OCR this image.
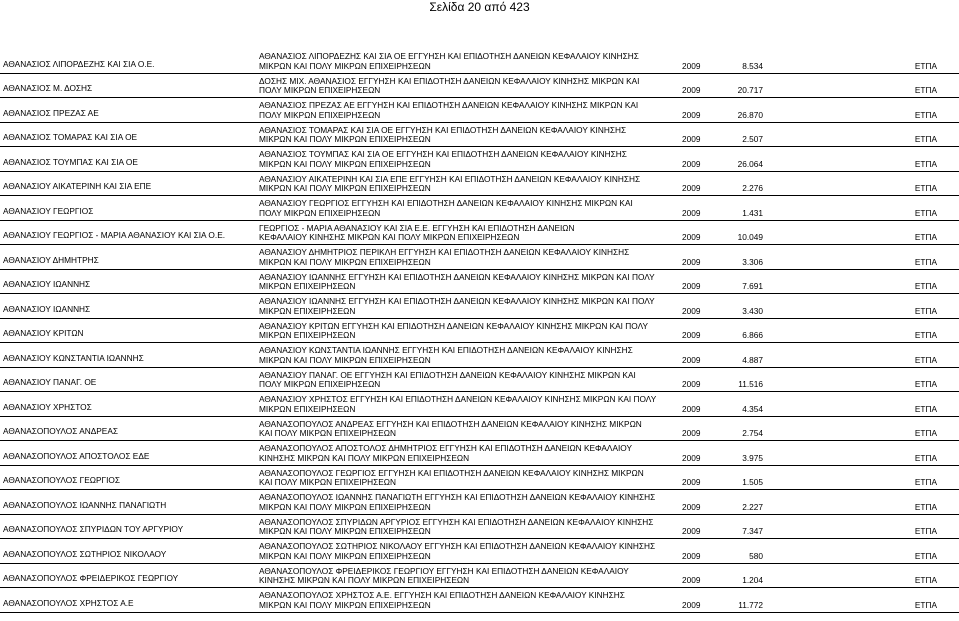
Σελίδα 20 από 423
ΑΘΑΝΑΣΙΟΣ ΛΙΠΟΡΔΕΖΗΣ ΚΑΙ ΣΙΑ Ο.Ε.
ΑΘΑΝΑΣΙΟΣ ΛΙΠΟΡΔΕΖΗΣ ΚΑΙ ΣΙΑ ΟΕ ΕΓΓΥΗΣΗ ΚΑΙ ΕΠΙΔΟΤΗΣΗ ΔΑΝΕΙΩΝ ΚΕΦΑΛΑΙΟΥ ΚΙΝΗΣΗΣ
ΜΙΚΡΩΝ ΚΑΙ ΠΟΛΥ ΜΙΚΡΩΝ ΕΠΙΧΕΙΡΗΣΕΩΝ	2009	8.534	ΕΤΠΑ
ΑΘΑΝΑΣΙΟΣ Μ. ΔΟΣΗΣ
ΔΟΣΗΣ ΜΙΧ. ΑΘΑΝΑΣΙΟΣ ΕΓΓΥΗΣΗ ΚΑΙ ΕΠΙΔΟΤΗΣΗ ΔΑΝΕΙΩΝ ΚΕΦΑΛΑΙΟΥ ΚΙΝΗΣΗΣ ΜΙΚΡΩΝ ΚΑΙ
ΠΟΛΥ ΜΙΚΡΩΝ ΕΠΙΧΕΙΡΗΣΕΩΝ	2009	20.717	ΕΤΠΑ
ΑΘΑΝΑΣΙΟΣ ΠΡΕΖΑΣ ΑΕ
ΑΘΑΝΑΣΙΟΣ ΠΡΕΖΑΣ ΑΕ ΕΓΓΥΗΣΗ ΚΑΙ ΕΠΙΔΟΤΗΣΗ ΔΑΝΕΙΩΝ ΚΕΦΑΛΑΙΟΥ ΚΙΝΗΣΗΣ ΜΙΚΡΩΝ ΚΑΙ
ΠΟΛΥ ΜΙΚΡΩΝ ΕΠΙΧΕΙΡΗΣΕΩΝ	2009	26.870	ΕΤΠΑ
ΑΘΑΝΑΣΙΟΣ ΤΟΜΑΡΑΣ ΚΑΙ ΣΙΑ ΟΕ
ΑΘΑΝΑΣΙΟΣ ΤΟΜΑΡΑΣ ΚΑΙ ΣΙΑ ΟΕ ΕΓΓΥΗΣΗ ΚΑΙ ΕΠΙΔΟΤΗΣΗ ΔΑΝΕΙΩΝ ΚΕΦΑΛΑΙΟΥ ΚΙΝΗΣΗΣ
ΜΙΚΡΩΝ ΚΑΙ ΠΟΛΥ ΜΙΚΡΩΝ ΕΠΙΧΕΙΡΗΣΕΩΝ	2009	2.507	ΕΤΠΑ
ΑΘΑΝΑΣΙΟΣ ΤΟΥΜΠΑΣ ΚΑΙ ΣΙΑ ΟΕ
ΑΘΑΝΑΣΙΟΣ ΤΟΥΜΠΑΣ ΚΑΙ ΣΙΑ ΟΕ ΕΓΓΥΗΣΗ ΚΑΙ ΕΠΙΔΟΤΗΣΗ ΔΑΝΕΙΩΝ ΚΕΦΑΛΑΙΟΥ ΚΙΝΗΣΗΣ
ΜΙΚΡΩΝ ΚΑΙ ΠΟΛΥ ΜΙΚΡΩΝ ΕΠΙΧΕΙΡΗΣΕΩΝ	2009	26.064	ΕΤΠΑ
ΑΘΑΝΑΣΙΟΥ ΑΙΚΑΤΕΡΙΝΗ ΚΑΙ ΣΙΑ ΕΠΕ
ΑΘΑΝΑΣΙΟΥ ΑΙΚΑΤΕΡΙΝΗ ΚΑΙ ΣΙΑ ΕΠΕ ΕΓΓΥΗΣΗ ΚΑΙ ΕΠΙΔΟΤΗΣΗ ΔΑΝΕΙΩΝ ΚΕΦΑΛΑΙΟΥ ΚΙΝΗΣΗΣ
ΜΙΚΡΩΝ ΚΑΙ ΠΟΛΥ ΜΙΚΡΩΝ ΕΠΙΧΕΙΡΗΣΕΩΝ	2009	2.276	ΕΤΠΑ
ΑΘΑΝΑΣΙΟΥ ΓΕΩΡΓΙΟΣ
ΑΘΑΝΑΣΙΟΥ ΓΕΩΡΓΙΟΣ ΕΓΓΥΗΣΗ ΚΑΙ ΕΠΙΔΟΤΗΣΗ ΔΑΝΕΙΩΝ ΚΕΦΑΛΑΙΟΥ ΚΙΝΗΣΗΣ ΜΙΚΡΩΝ ΚΑΙ
ΠΟΛΥ ΜΙΚΡΩΝ ΕΠΙΧΕΙΡΗΣΕΩΝ	2009	1.431	ΕΤΠΑ
ΑΘΑΝΑΣΙΟΥ ΓΕΩΡΓΙΟΣ - ΜΑΡΙΑ ΑΘΑΝΑΣΙΟΥ ΚΑΙ ΣΙΑ Ο.Ε.
ΓΕΩΡΓΙΟΣ - ΜΑΡΙΑ ΑΘΑΝΑΣΙΟΥ ΚΑΙ ΣΙΑ Ε.Ε. ΕΓΓΥΗΣΗ ΚΑΙ ΕΠΙΔΟΤΗΣΗ ΔΑΝΕΙΩΝ
ΚΕΦΑΛΑΙΟΥ ΚΙΝΗΣΗΣ ΜΙΚΡΩΝ ΚΑΙ ΠΟΛΥ ΜΙΚΡΩΝ ΕΠΙΧΕΙΡΗΣΕΩΝ	2009	10.049	ΕΤΠΑ
ΑΘΑΝΑΣΙΟΥ ΔΗΜΗΤΡΗΣ
ΑΘΑΝΑΣΙΟΥ ΔΗΜΗΤΡΙΟΣ ΠΕΡΙΚΛΗ ΕΓΓΥΗΣΗ ΚΑΙ ΕΠΙΔΟΤΗΣΗ ΔΑΝΕΙΩΝ ΚΕΦΑΛΑΙΟΥ ΚΙΝΗΣΗΣ
ΜΙΚΡΩΝ ΚΑΙ ΠΟΛΥ ΜΙΚΡΩΝ ΕΠΙΧΕΙΡΗΣΕΩΝ	2009	3.306	ΕΤΠΑ
ΑΘΑΝΑΣΙΟΥ ΙΩΑΝΝΗΣ
ΑΘΑΝΑΣΙΟΥ ΙΩΑΝΝΗΣ ΕΓΓΥΗΣΗ ΚΑΙ ΕΠΙΔΟΤΗΣΗ ΔΑΝΕΙΩΝ ΚΕΦΑΛΑΙΟΥ ΚΙΝΗΣΗΣ ΜΙΚΡΩΝ ΚΑΙ ΠΟΛΥ
ΜΙΚΡΩΝ ΕΠΙΧΕΙΡΗΣΕΩΝ	2009	7.691	ΕΤΠΑ
ΑΘΑΝΑΣΙΟΥ ΙΩΑΝΝΗΣ
ΑΘΑΝΑΣΙΟΥ ΙΩΑΝΝΗΣ ΕΓΓΥΗΣΗ ΚΑΙ ΕΠΙΔΟΤΗΣΗ ΔΑΝΕΙΩΝ ΚΕΦΑΛΑΙΟΥ ΚΙΝΗΣΗΣ ΜΙΚΡΩΝ ΚΑΙ ΠΟΛΥ
ΜΙΚΡΩΝ ΕΠΙΧΕΙΡΗΣΕΩΝ	2009	3.430	ΕΤΠΑ
ΑΘΑΝΑΣΙΟΥ ΚΡΙΤΩΝ
ΑΘΑΝΑΣΙΟΥ ΚΡΙΤΩΝ ΕΓΓΥΗΣΗ ΚΑΙ ΕΠΙΔΟΤΗΣΗ ΔΑΝΕΙΩΝ ΚΕΦΑΛΑΙΟΥ ΚΙΝΗΣΗΣ ΜΙΚΡΩΝ ΚΑΙ ΠΟΛΥ
ΜΙΚΡΩΝ ΕΠΙΧΕΙΡΗΣΕΩΝ	2009	6.866	ΕΤΠΑ
ΑΘΑΝΑΣΙΟΥ ΚΩΝΣΤΑΝΤΙΑ ΙΩΑΝΝΗΣ
ΑΘΑΝΑΣΙΟΥ ΚΩΝΣΤΑΝΤΙΑ ΙΩΑΝΝΗΣ ΕΓΓΥΗΣΗ ΚΑΙ ΕΠΙΔΟΤΗΣΗ ΔΑΝΕΙΩΝ ΚΕΦΑΛΑΙΟΥ ΚΙΝΗΣΗΣ
ΜΙΚΡΩΝ ΚΑΙ ΠΟΛΥ ΜΙΚΡΩΝ ΕΠΙΧΕΙΡΗΣΕΩΝ	2009	4.887	ΕΤΠΑ
ΑΘΑΝΑΣΙΟΥ ΠΑΝΑΓ. ΟΕ
ΑΘΑΝΑΣΙΟΥ ΠΑΝΑΓ. ΟΕ ΕΓΓΥΗΣΗ ΚΑΙ ΕΠΙΔΟΤΗΣΗ ΔΑΝΕΙΩΝ ΚΕΦΑΛΑΙΟΥ ΚΙΝΗΣΗΣ ΜΙΚΡΩΝ ΚΑΙ
ΠΟΛΥ ΜΙΚΡΩΝ ΕΠΙΧΕΙΡΗΣΕΩΝ	2009	11.516	ΕΤΠΑ
ΑΘΑΝΑΣΙΟΥ ΧΡΗΣΤΟΣ
ΑΘΑΝΑΣΙΟΥ ΧΡΗΣΤΟΣ ΕΓΓΥΗΣΗ ΚΑΙ ΕΠΙΔΟΤΗΣΗ ΔΑΝΕΙΩΝ ΚΕΦΑΛΑΙΟΥ ΚΙΝΗΣΗΣ ΜΙΚΡΩΝ ΚΑΙ ΠΟΛΥ
ΜΙΚΡΩΝ ΕΠΙΧΕΙΡΗΣΕΩΝ	2009	4.354	ΕΤΠΑ
ΑΘΑΝΑΣΟΠΟΥΛΟΣ ΑΝΔΡΕΑΣ
ΑΘΑΝΑΣΟΠΟΥΛΟΣ ΑΝΔΡΕΑΣ ΕΓΓΥΗΣΗ ΚΑΙ ΕΠΙΔΟΤΗΣΗ ΔΑΝΕΙΩΝ ΚΕΦΑΛΑΙΟΥ ΚΙΝΗΣΗΣ ΜΙΚΡΩΝ
ΚΑΙ ΠΟΛΥ ΜΙΚΡΩΝ ΕΠΙΧΕΙΡΗΣΕΩΝ	2009	2.754	ΕΤΠΑ
ΑΘΑΝΑΣΟΠΟΥΛΟΣ ΑΠΟΣΤΟΛΟΣ ΕΔΕ
ΑΘΑΝΑΣΟΠΟΥΛΟΣ ΑΠΟΣΤΟΛΟΣ ΔΗΜΗΤΡΙΟΣ ΕΓΓΥΗΣΗ ΚΑΙ ΕΠΙΔΟΤΗΣΗ ΔΑΝΕΙΩΝ ΚΕΦΑΛΑΙΟΥ
ΚΙΝΗΣΗΣ ΜΙΚΡΩΝ ΚΑΙ ΠΟΛΥ ΜΙΚΡΩΝ ΕΠΙΧΕΙΡΗΣΕΩΝ	2009	3.975	ΕΤΠΑ
ΑΘΑΝΑΣΟΠΟΥΛΟΣ ΓΕΩΡΓΙΟΣ
ΑΘΑΝΑΣΟΠΟΥΛΟΣ ΓΕΩΡΓΙΟΣ ΕΓΓΥΗΣΗ ΚΑΙ ΕΠΙΔΟΤΗΣΗ ΔΑΝΕΙΩΝ ΚΕΦΑΛΑΙΟΥ ΚΙΝΗΣΗΣ ΜΙΚΡΩΝ
ΚΑΙ ΠΟΛΥ ΜΙΚΡΩΝ ΕΠΙΧΕΙΡΗΣΕΩΝ	2009	1.505	ΕΤΠΑ
ΑΘΑΝΑΣΟΠΟΥΛΟΣ ΙΩΑΝΝΗΣ ΠΑΝΑΓΙΩΤΗ
ΑΘΑΝΑΣΟΠΟΥΛΟΣ ΙΩΑΝΝΗΣ ΠΑΝΑΓΙΩΤΗ ΕΓΓΥΗΣΗ ΚΑΙ ΕΠΙΔΟΤΗΣΗ ΔΑΝΕΙΩΝ ΚΕΦΑΛΑΙΟΥ ΚΙΝΗΣΗΣ
ΜΙΚΡΩΝ ΚΑΙ ΠΟΛΥ ΜΙΚΡΩΝ ΕΠΙΧΕΙΡΗΣΕΩΝ	2009	2.227	ΕΤΠΑ
ΑΘΑΝΑΣΟΠΟΥΛΟΣ ΣΠΥΡΙΔΩΝ ΤΟΥ ΑΡΓΥΡΙΟΥ
ΑΘΑΝΑΣΟΠΟΥΛΟΣ ΣΠΥΡΙΔΩΝ ΑΡΓΥΡΙΟΣ ΕΓΓΥΗΣΗ ΚΑΙ ΕΠΙΔΟΤΗΣΗ ΔΑΝΕΙΩΝ ΚΕΦΑΛΑΙΟΥ ΚΙΝΗΣΗΣ
ΜΙΚΡΩΝ ΚΑΙ ΠΟΛΥ ΜΙΚΡΩΝ ΕΠΙΧΕΙΡΗΣΕΩΝ	2009	7.347	ΕΤΠΑ
ΑΘΑΝΑΣΟΠΟΥΛΟΣ ΣΩΤΗΡΙΟΣ ΝΙΚΟΛΑΟΥ
ΑΘΑΝΑΣΟΠΟΥΛΟΣ ΣΩΤΗΡΙΟΣ ΝΙΚΟΛΑΟΥ ΕΓΓΥΗΣΗ ΚΑΙ ΕΠΙΔΟΤΗΣΗ ΔΑΝΕΙΩΝ ΚΕΦΑΛΑΙΟΥ ΚΙΝΗΣΗΣ
ΜΙΚΡΩΝ ΚΑΙ ΠΟΛΥ ΜΙΚΡΩΝ ΕΠΙΧΕΙΡΗΣΕΩΝ	2009	580	ΕΤΠΑ
ΑΘΑΝΑΣΟΠΟΥΛΟΣ ΦΡΕΙΔΕΡΙΚΟΣ ΓΕΩΡΓΙΟΥ
ΑΘΑΝΑΣΟΠΟΥΛΟΣ ΦΡΕΙΔΕΡΙΚΟΣ ΓΕΩΡΓΙΟΥ ΕΓΓΥΗΣΗ ΚΑΙ ΕΠΙΔΟΤΗΣΗ ΔΑΝΕΙΩΝ ΚΕΦΑΛΑΙΟΥ
ΚΙΝΗΣΗΣ ΜΙΚΡΩΝ ΚΑΙ ΠΟΛΥ ΜΙΚΡΩΝ ΕΠΙΧΕΙΡΗΣΕΩΝ	2009	1.204	ΕΤΠΑ
ΑΘΑΝΑΣΟΠΟΥΛΟΣ ΧΡΗΣΤΟΣ Α.Ε
ΑΘΑΝΑΣΟΠΟΥΛΟΣ ΧΡΗΣΤΟΣ Α.Ε. ΕΓΓΥΗΣΗ ΚΑΙ ΕΠΙΔΟΤΗΣΗ ΔΑΝΕΙΩΝ ΚΕΦΑΛΑΙΟΥ ΚΙΝΗΣΗΣ
ΜΙΚΡΩΝ ΚΑΙ ΠΟΛΥ ΜΙΚΡΩΝ ΕΠΙΧΕΙΡΗΣΕΩΝ	2009	11.772	ΕΤΠΑ
